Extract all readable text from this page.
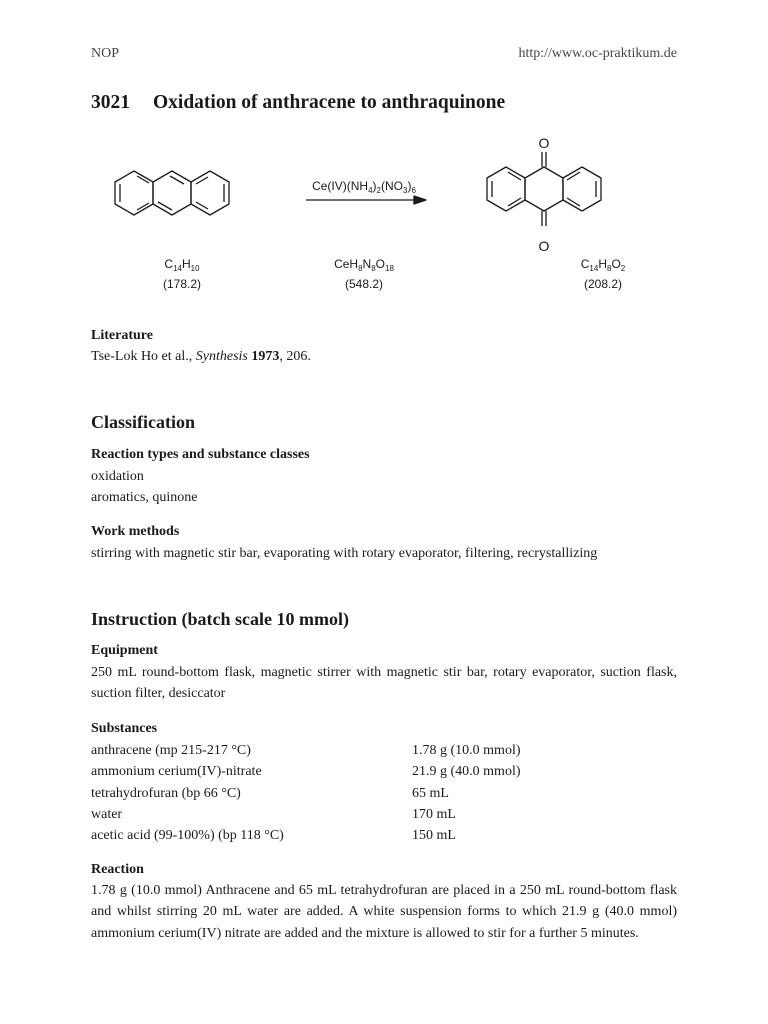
NOP	http://www.oc-praktikum.de
3021 Oxidation of anthracene to anthraquinone
O
O
$Ce(IV)(NH_4)_2(NO_3)_6$
$C_{14}H_{10}$
(178.2)
$CeH_8N_8O_{18}$
(548.2)
$C_{14}H_8O_2$
(208.2)
Literature
Tse-Lok Ho et al., Synthesis 1973, 206.
Classification
Reaction types and substance classes
oxidation
aromatics, quinone
Work methods
stirring with magnetic stir bar, evaporating with rotary evaporator, filtering, recrystallizing
Instruction (batch scale 10 mmol)
Equipment
250 mL round-bottom flask, magnetic stirrer with magnetic stir bar, rotary evaporator, suction flask, suction filter, desiccator
Substances
anthracene (mp 215-217 °C)
ammonium cerium(IV)-nitrate
tetrahydrofuran (bp 66 °C)
water
acetic acid (99-100%) (bp 118 °C)
1.78 g (10.0 mmol)
21.9 g (40.0 mmol)
65 mL
170 mL
150 mL
Reaction
1.78 g (10.0 mmol) Anthracene and 65 mL tetrahydrofuran are placed in a 250 mL round-bottom flask and whilst stirring 20 mL water are added. A white suspension forms to which 21.9 g (40.0 mmol) ammonium cerium(IV) nitrate are added and the mixture is allowed to stir for a further 5 minutes.
